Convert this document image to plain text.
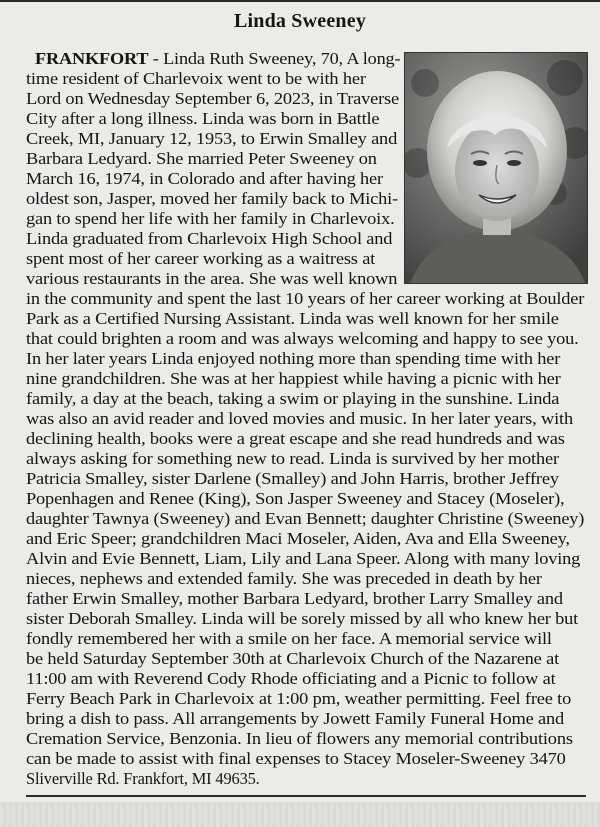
Linda Sweeney
FRANKFORT - Linda Ruth Sweeney, 70, A long-
time resident of Charlevoix went to be with her
Lord on Wednesday September 6, 2023, in Traverse
City after a long illness. Linda was born in Battle
Creek, MI, January 12, 1953, to Erwin Smalley and
Barbara Ledyard. She married Peter Sweeney on
March 16, 1974, in Colorado and after having her
oldest son, Jasper, moved her family back to Michi-
gan to spend her life with her family in Charlevoix.
Linda graduated from Charlevoix High School and
spent most of her career working as a waitress at
various restaurants in the area. She was well known
in the community and spent the last 10 years of her career working at Boulder
Park as a Certified Nursing Assistant. Linda was well known for her smile
that could brighten a room and was always welcoming and happy to see you.
In her later years Linda enjoyed nothing more than spending time with her
nine grandchildren. She was at her happiest while having a picnic with her
family, a day at the beach, taking a swim or playing in the sunshine. Linda
was also an avid reader and loved movies and music. In her later years, with
declining health, books were a great escape and she read hundreds and was
always asking for something new to read. Linda is survived by her mother
Patricia Smalley, sister Darlene (Smalley) and John Harris, brother Jeffrey
Popenhagen and Renee (King), Son Jasper Sweeney and Stacey (Moseler),
daughter Tawnya (Sweeney) and Evan Bennett; daughter Christine (Sweeney)
and Eric Speer; grandchildren Maci Moseler, Aiden, Ava and Ella Sweeney,
Alvin and Evie Bennett, Liam, Lily and Lana Speer. Along with many loving
nieces, nephews and extended family. She was preceded in death by her
father Erwin Smalley, mother Barbara Ledyard, brother Larry Smalley and
sister Deborah Smalley. Linda will be sorely missed by all who knew her but
fondly remembered her with a smile on her face. A memorial service will
be held Saturday September 30th at Charlevoix Church of the Nazarene at
11:00 am with Reverend Cody Rhode officiating and a Picnic to follow at
Ferry Beach Park in Charlevoix at 1:00 pm, weather permitting. Feel free to
bring a dish to pass. All arrangements by Jowett Family Funeral Home and
Cremation Service, Benzonia. In lieu of flowers any memorial contributions
can be made to assist with final expenses to Stacey Moseler-Sweeney 3470
Sliverville Rd. Frankfort, MI 49635.
